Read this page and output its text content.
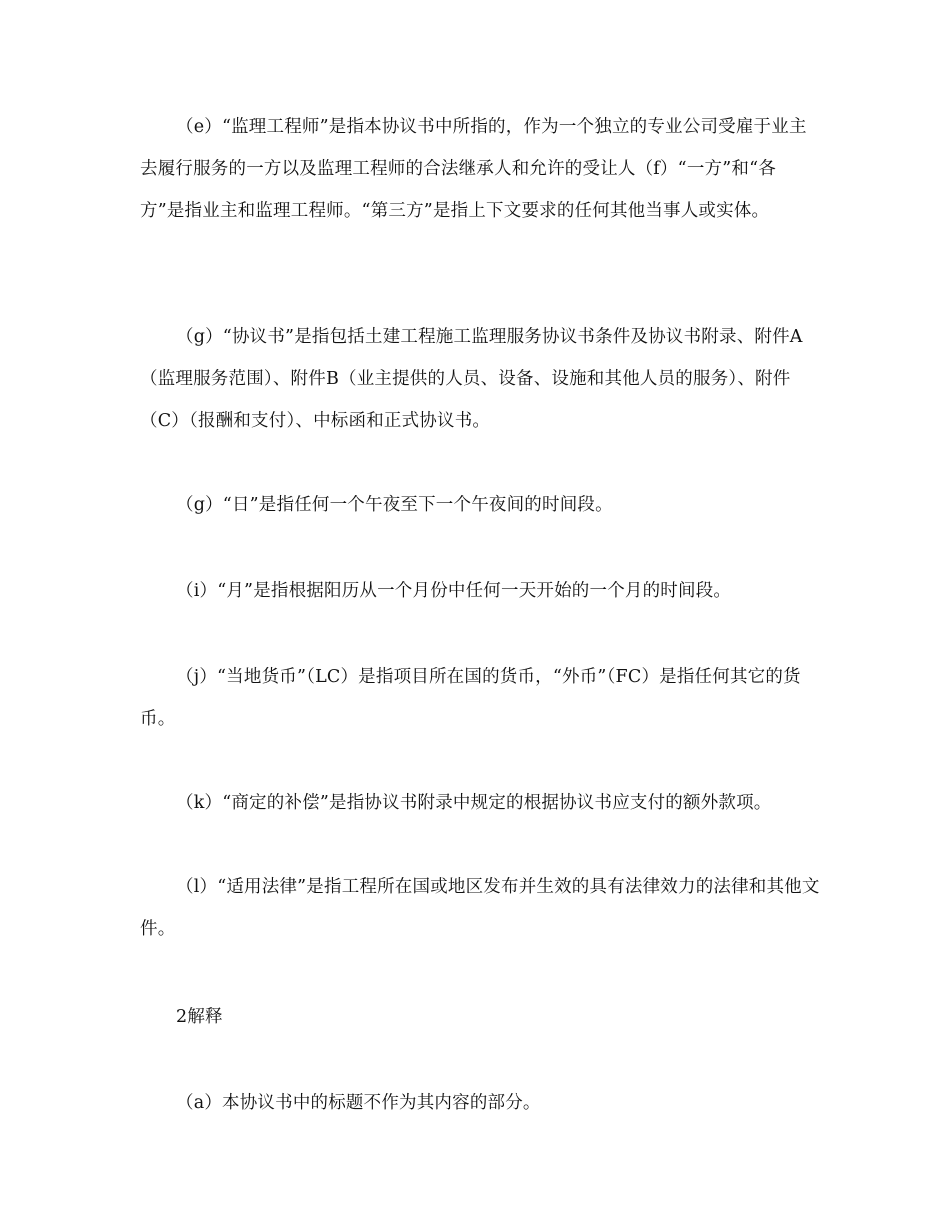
（e）“监理工程师”是指本协议书中所指的，作为一个独立的专业公司受雇于业主去履行服务的一方以及监理工程师的合法继承人和允许的受让人（f）“一方”和“各方”是指业主和监理工程师。“第三方”是指上下文要求的任何其他当事人或实体。

（g）“协议书”是指包括土建工程施工监理服务协议书条件及协议书附录、附件A（监理服务范围）、附件B（业主提供的人员、设备、设施和其他人员的服务）、附件（C）（报酬和支付）、中标函和正式协议书。

（g）“日”是指任何一个午夜至下一个午夜间的时间段。

（i）“月”是指根据阳历从一个月份中任何一天开始的一个月的时间段。

（j）“当地货币”（LC）是指项目所在国的货币，“外币”（FC）是指任何其它的货币。

（k）“商定的补偿”是指协议书附录中规定的根据协议书应支付的额外款项。

（l）“适用法律”是指工程所在国或地区发布并生效的具有法律效力的法律和其他文件。

2解释

（a）本协议书中的标题不作为其内容的部分。
